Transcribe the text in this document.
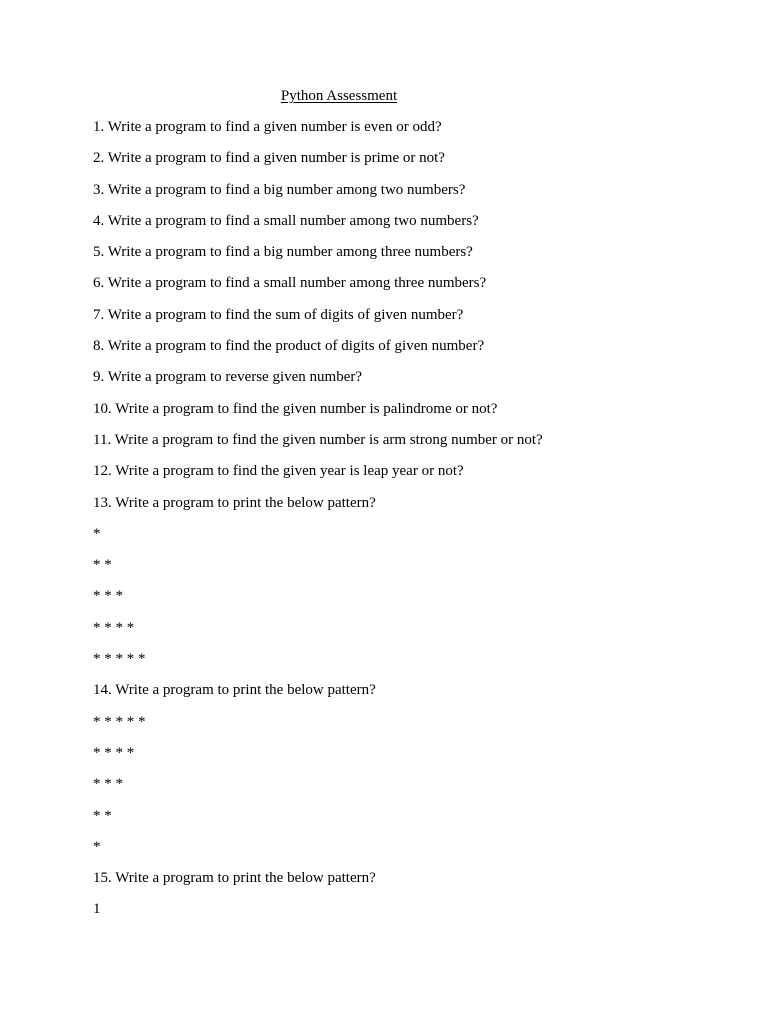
Python Assessment
1. Write a program to find a given number is even or odd?
2. Write a program to find a given number is prime or not?
3. Write a program to find a big number among two numbers?
4. Write a program to find a small number among two numbers?
5. Write a program to find a big number among three numbers?
6. Write a program to find a small number among three numbers?
7. Write a program to find the sum of digits of given number?
8. Write a program to find the product of digits of given number?
9. Write a program to reverse given number?
10. Write a program to find the given number is palindrome or not?
11. Write a program to find the given number is arm strong number or not?
12. Write a program to find the given year is leap year or not?
13. Write a program to print the below pattern?
*
* *
* * *
* * * *
* * * * *
14. Write a program to print the below pattern?
* * * * *
* * * *
* * *
* *
*
15. Write a program to print the below pattern?
1
